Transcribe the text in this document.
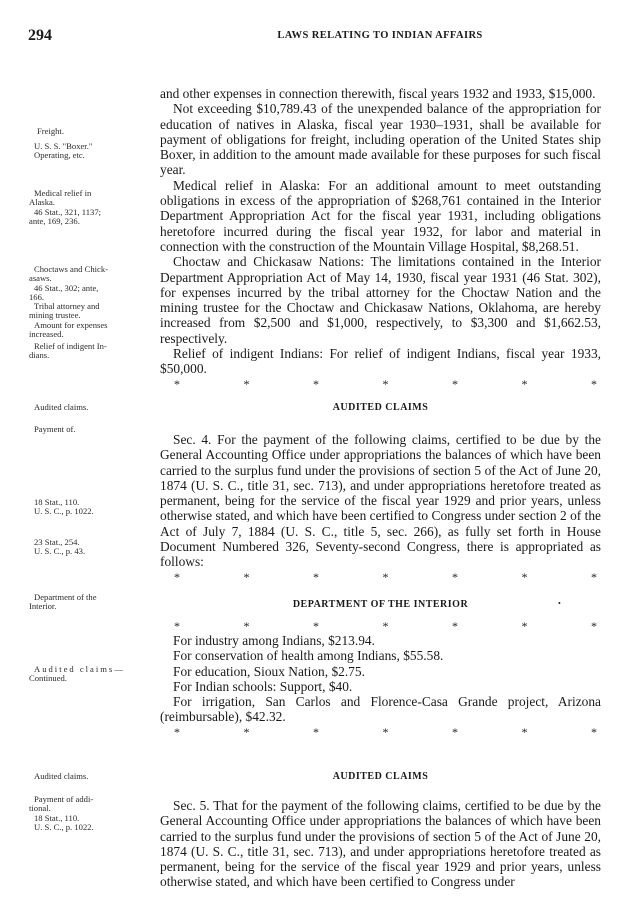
294	LAWS RELATING TO INDIAN AFFAIRS

and other expenses in connection therewith, fiscal years 1932 and 1933, $15,000.

Not exceeding $10,789.43 of the unexpended balance of the appropriation for education of natives in Alaska, fiscal year 1930–1931, shall be available for payment of obligations for freight, including operation of the United States ship Boxer, in addition to the amount made available for these purposes for such fiscal year.

Medical relief in Alaska: For an additional amount to meet outstanding obligations in excess of the appropriation of $268,761 contained in the Interior Department Appropriation Act for the fiscal year 1931, including obligations heretofore incurred during the fiscal year 1932, for labor and material in connection with the construction of the Mountain Village Hospital, $8,268.51.

Choctaw and Chickasaw Nations: The limitations contained in the Interior Department Appropriation Act of May 14, 1930, fiscal year 1931 (46 Stat. 302), for expenses incurred by the tribal attorney for the Choctaw Nation and the mining trustee for the Choctaw and Chickasaw Nations, Oklahoma, are hereby increased from $2,500 and $1,000, respectively, to $3,300 and $1,662.53, respectively.

Relief of indigent Indians: For relief of indigent Indians, fiscal year 1933, $50,000.

*	*	*	*	*	*	*
AUDITED CLAIMS

Sec. 4. For the payment of the following claims, certified to be due by the General Accounting Office under appropriations the balances of which have been carried to the surplus fund under the provisions of section 5 of the Act of June 20, 1874 (U. S. C., title 31, sec. 713), and under appropriations heretofore treated as permanent, being for the service of the fiscal year 1929 and prior years, unless otherwise stated, and which have been certified to Congress under section 2 of the Act of July 7, 1884 (U. S. C., title 5, sec. 266), as fully set forth in House Document Numbered 326, Seventy-second Congress, there is appropriated as follows:

*	*	*	*	*	*	*
DEPARTMENT OF THE INTERIOR	•
*	*	*	*	*	*	*

For industry among Indians, $213.94.

For conservation of health among Indians, $55.58.

For education, Sioux Nation, $2.75.

For Indian schools: Support, $40.

For irrigation, San Carlos and Florence-Casa Grande project, Arizona (reimbursable), $42.32.

*	*	*	*	*	*	*
AUDITED CLAIMS

Sec. 5. That for the payment of the following claims, certified to be due by the General Accounting Office under appropriations the balances of which have been carried to the surplus fund under the provisions of section 5 of the Act of June 20, 1874 (U. S. C., title 31, sec. 713), and under appropriations heretofore treated as permanent, being for the service of the fiscal year 1929 and prior years, unless otherwise stated, and which have been certified to Congress under

Freight.
U. S. S. "Boxer."
Operating, etc.
Medical relief in
Alaska.
46 Stat., 321, 1137;
ante, 169, 236.
Choctaws and Chick-
asaws.
46 Stat., 302; ante,
166.
Tribal attorney and
mining trustee.
Amount for expenses
increased.
Relief of indigent In-
dians.
Audited claims.
Payment of.
18 Stat., 110.
U. S. C., p. 1022.
23 Stat., 254.
U. S. C., p. 43.
Department of the
Interior.
Audited claims—
Continued.
Audited claims.
Payment of addi-
tional.
18 Stat., 110.
U. S. C., p. 1022.
